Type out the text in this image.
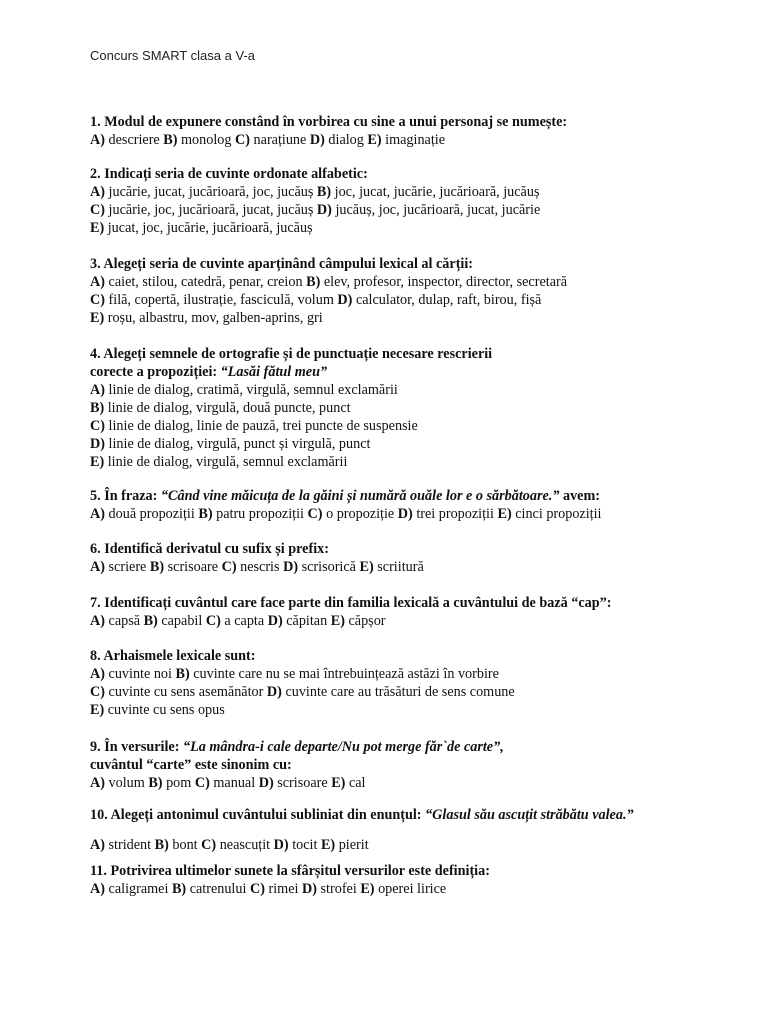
Concurs SMART clasa a V-a
1. Modul de expunere constând în vorbirea cu sine a unui personaj se numește:
A) descriere B) monolog C) narațiune D) dialog E) imaginație
2. Indicați seria de cuvinte ordonate alfabetic:
A) jucărie, jucat, jucărioară, joc, jucăuș B) joc, jucat, jucărie, jucărioară, jucăuș
C) jucărie, joc, jucărioară, jucat, jucăuș D) jucăuș, joc, jucărioară, jucat, jucărie
E) jucat, joc, jucărie, jucărioară, jucăuș
3. Alegeți seria de cuvinte aparținând câmpului lexical al cărții:
A) caiet, stilou, catedră, penar, creion B) elev, profesor, inspector, director, secretară
C) filă, copertă, ilustrație, fasciculă, volum D) calculator, dulap, raft, birou, fișă
E) roșu, albastru, mov, galben-aprins, gri
4. Alegeți semnele de ortografie și de punctuație necesare rescrierii
corecte a propoziției: “Lasăi fătul meu”
A) linie de dialog, cratimă, virgulă, semnul exclamării
B) linie de dialog, virgulă, două puncte, punct
C) linie de dialog, linie de pauză, trei puncte de suspensie
D) linie de dialog, virgulă, punct și virgulă, punct
E) linie de dialog, virgulă, semnul exclamării
5. În fraza: “Când vine măicuța de la găini și numără ouăle lor e o sărbătoare.” avem:
A) două propoziții B) patru propoziții C) o propoziție D) trei propoziții E) cinci propoziții
6. Identifică derivatul cu sufix și prefix:
A) scriere B) scrisoare C) nescris D) scrisorică E) scriitură
7. Identificați cuvântul care face parte din familia lexicală a cuvântului de bază “cap”:
A) capsă B) capabil C) a capta D) căpitan E) căpșor
8. Arhaismele lexicale sunt:
A) cuvinte noi B) cuvinte care nu se mai întrebuințează astăzi în vorbire
C) cuvinte cu sens asemănător D) cuvinte care au trăsături de sens comune
E) cuvinte cu sens opus
9. În versurile: “La mândra-i cale departe/Nu pot merge făr`de carte”,
cuvântul “carte” este sinonim cu:
A) volum B) pom C) manual D) scrisoare E) cal
10. Alegeți antonimul cuvântului subliniat din enunțul: “Glasul său ascuțit străbătu valea.”
A) strident B) bont C) neascuțit D) tocit E) pierit
11. Potrivirea ultimelor sunete la sfârșitul versurilor este definiția:
A) caligramei B) catrenului C) rimei D) strofei E) operei lirice
